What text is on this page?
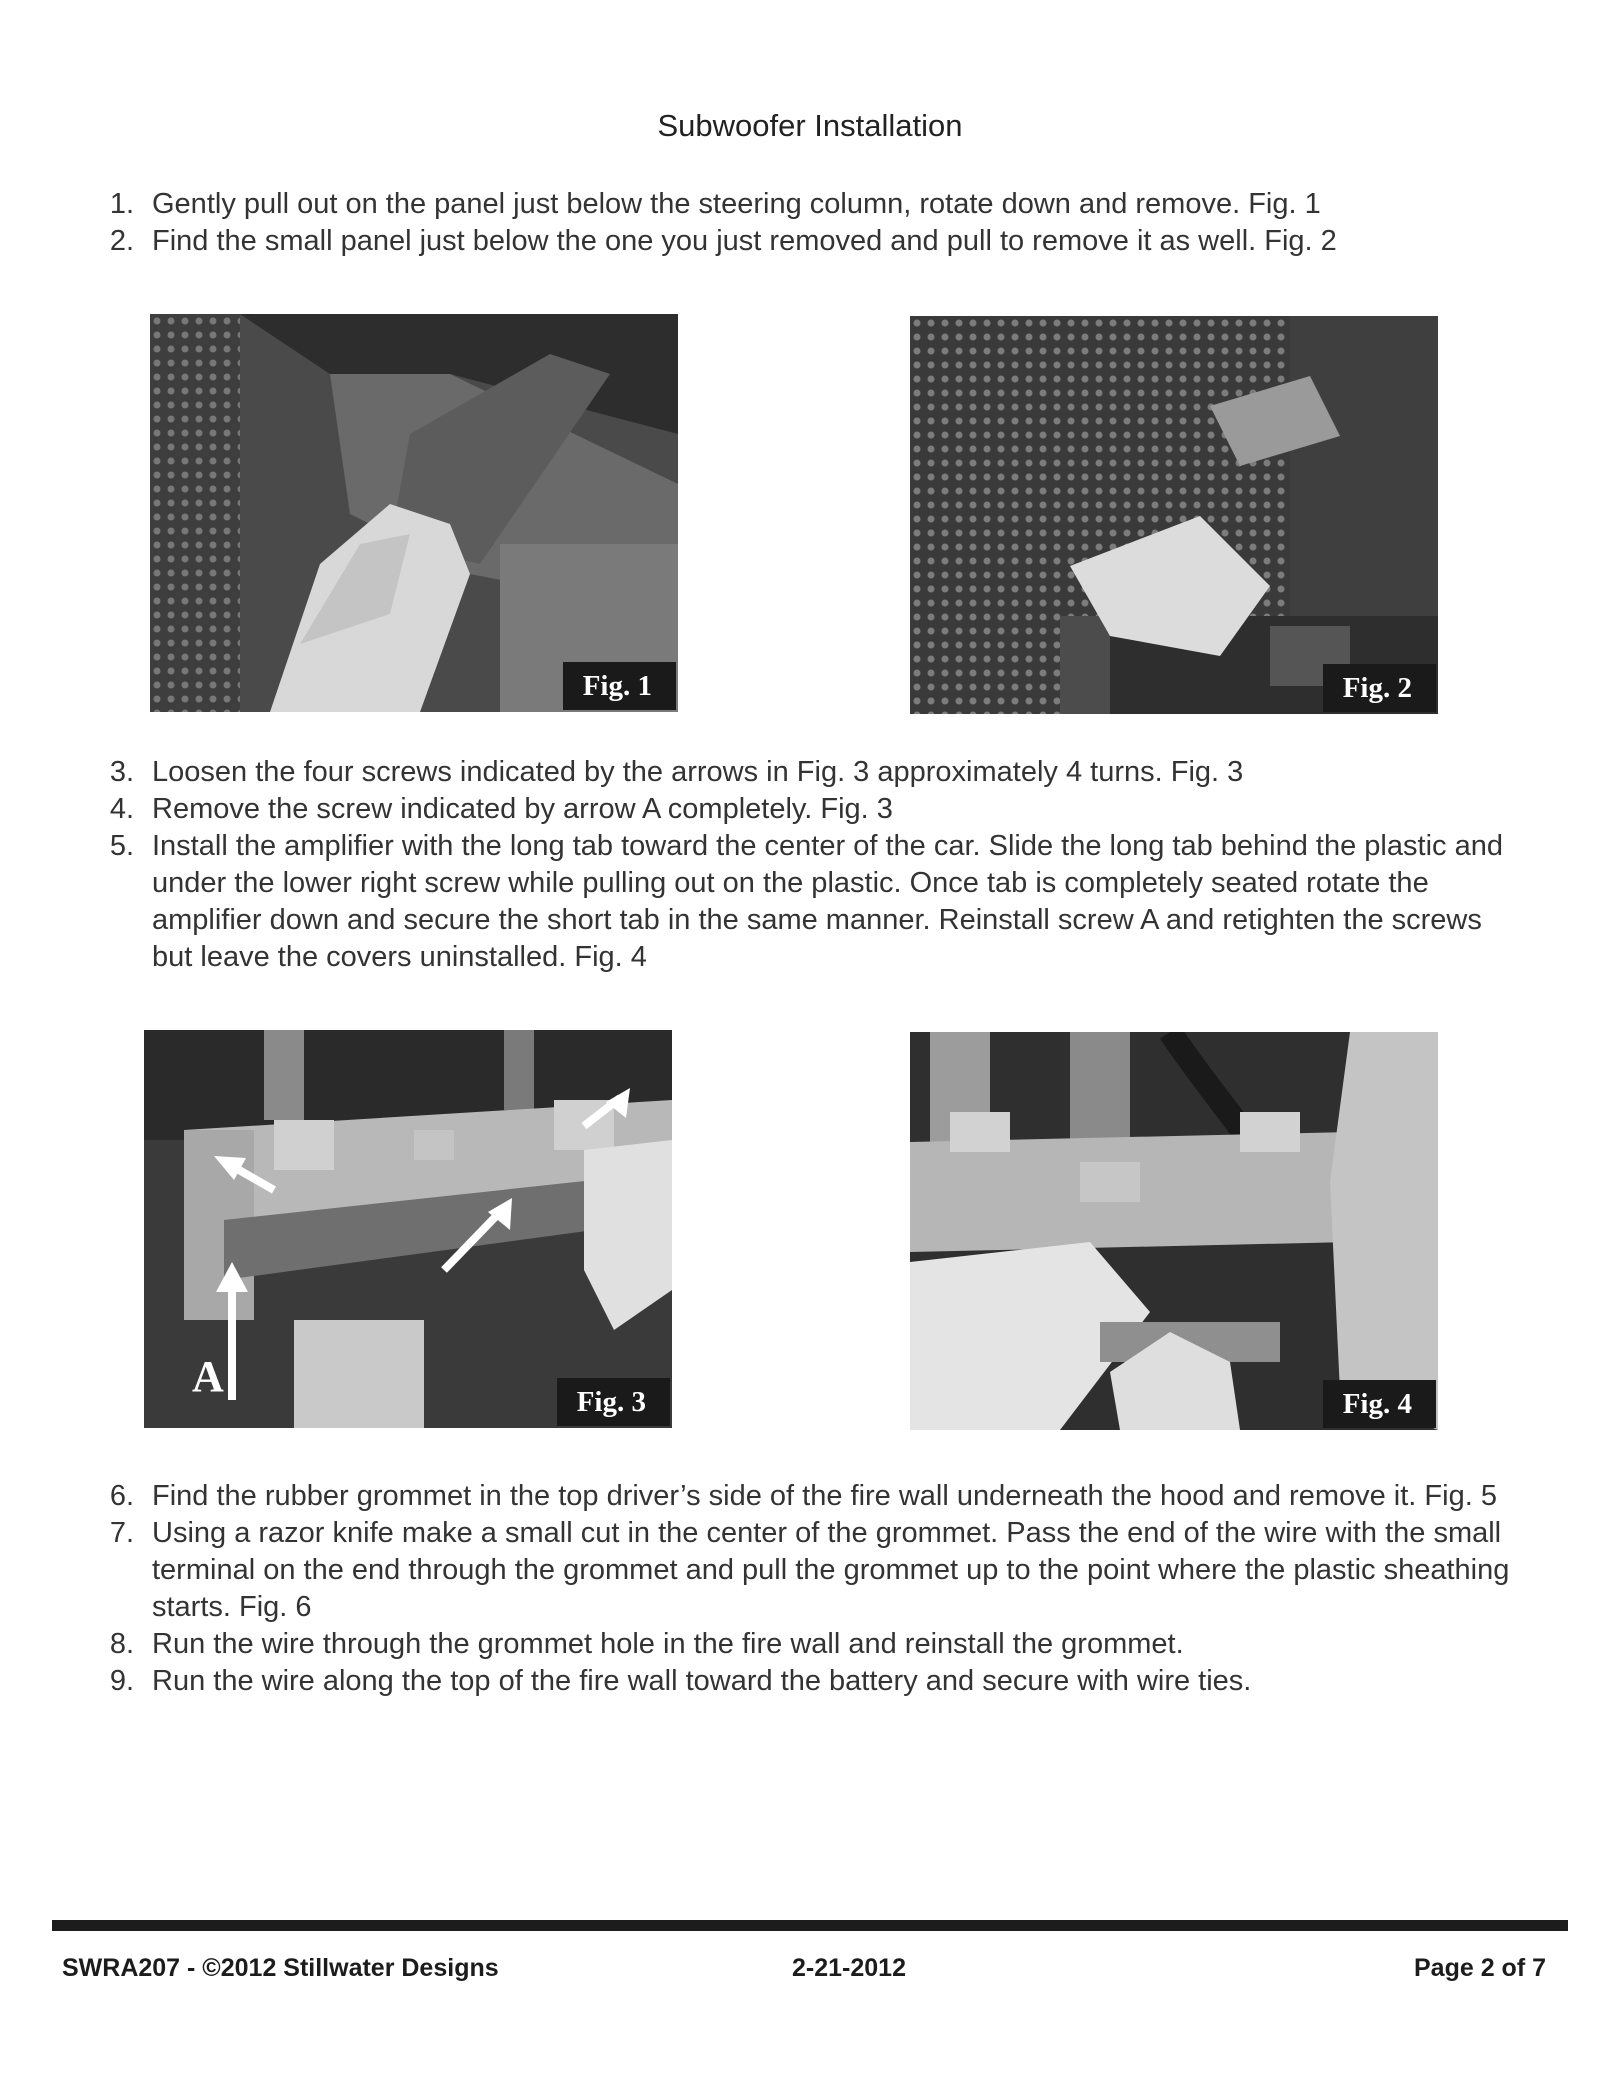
Subwoofer Installation
1. Gently pull out on the panel just below the steering column, rotate down and remove. Fig. 1
2. Find the small panel just below the one you just removed and pull to remove it as well. Fig. 2
Fig. 1	Fig. 2
3. Loosen the four screws indicated by the arrows in Fig. 3 approximately 4 turns. Fig. 3
4. Remove the screw indicated by arrow A completely. Fig. 3
5. Install the amplifier with the long tab toward the center of the car. Slide the long tab behind the plastic and under the lower right screw while pulling out on the plastic. Once tab is completely seated rotate the amplifier down and secure the short tab in the same manner. Reinstall screw A and retighten the screws but leave the covers uninstalled. Fig. 4
A
Fig. 3	Fig. 4
6. Find the rubber grommet in the top driver’s side of the fire wall underneath the hood and remove it. Fig. 5
7. Using a razor knife make a small cut in the center of the grommet. Pass the end of the wire with the small terminal on the end through the grommet and pull the grommet up to the point where the plastic sheathing starts. Fig. 6
8. Run the wire through the grommet hole in the fire wall and reinstall the grommet.
9. Run the wire along the top of the fire wall toward the battery and secure with wire ties.
SWRA207 - ©2012 Stillwater Designs	2-21-2012	Page 2 of 7
